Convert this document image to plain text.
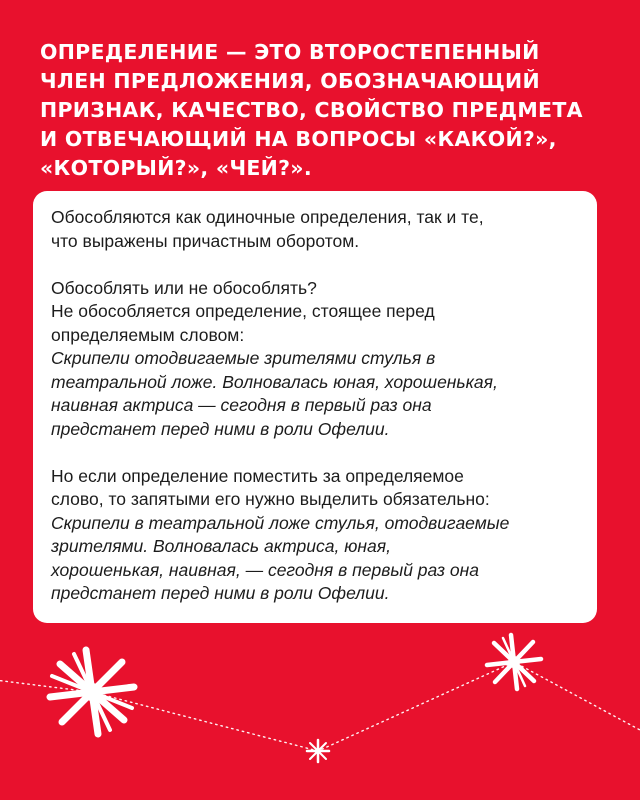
ОПРЕДЕЛЕНИЕ — ЭТО ВТОРОСТЕПЕННЫЙ
ЧЛЕН ПРЕДЛОЖЕНИЯ, ОБОЗНАЧАЮЩИЙ
ПРИЗНАК, КАЧЕСТВО, СВОЙСТВО ПРЕДМЕТА
И ОТВЕЧАЮЩИЙ НА ВОПРОСЫ «КАКОЙ?»,
«КОТОРЫЙ?», «ЧЕЙ?».

Обособляются как одиночные определения, так и те,
что выражены причастным оборотом.

Обособлять или не обособлять?
Не обособляется определение, стоящее перед
определяемым словом:
Скрипели отодвигаемые зрителями стулья в
театральной ложе. Волновалась юная, хорошенькая,
наивная актриса — сегодня в первый раз она
предстанет перед ними в роли Офелии.

Но если определение поместить за определяемое
слово, то запятыми его нужно выделить обязательно:
Скрипели в театральной ложе стулья, отодвигаемые
зрителями. Волновалась актриса, юная,
хорошенькая, наивная, — сегодня в первый раз она
предстанет перед ними в роли Офелии.
